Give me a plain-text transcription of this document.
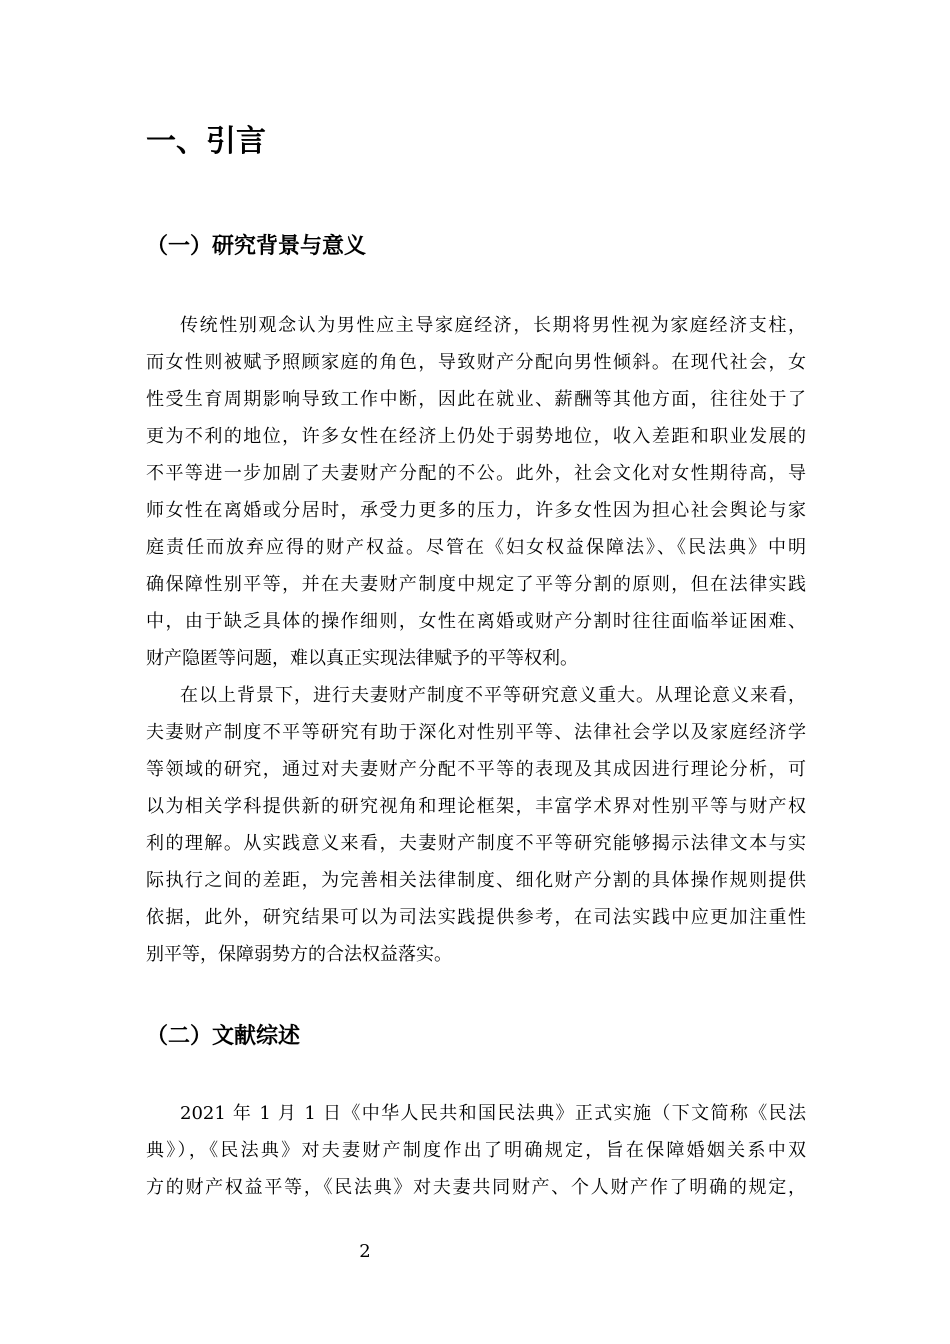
一、引言
（一）研究背景与意义
传统性别观念认为男性应主导家庭经济，长期将男性视为家庭经济支柱，
而女性则被赋予照顾家庭的角色，导致财产分配向男性倾斜。在现代社会，女
性受生育周期影响导致工作中断，因此在就业、薪酬等其他方面，往往处于了
更为不利的地位，许多女性在经济上仍处于弱势地位，收入差距和职业发展的
不平等进一步加剧了夫妻财产分配的不公。此外，社会文化对女性期待高，导
师女性在离婚或分居时，承受力更多的压力，许多女性因为担心社会舆论与家
庭责任而放弃应得的财产权益。尽管在《妇女权益保障法》、《民法典》中明
确保障性别平等，并在夫妻财产制度中规定了平等分割的原则，但在法律实践
中，由于缺乏具体的操作细则，女性在离婚或财产分割时往往面临举证困难、
财产隐匿等问题，难以真正实现法律赋予的平等权利。
在以上背景下，进行夫妻财产制度不平等研究意义重大。从理论意义来看，
夫妻财产制度不平等研究有助于深化对性别平等、法律社会学以及家庭经济学
等领域的研究，通过对夫妻财产分配不平等的表现及其成因进行理论分析，可
以为相关学科提供新的研究视角和理论框架，丰富学术界对性别平等与财产权
利的理解。从实践意义来看，夫妻财产制度不平等研究能够揭示法律文本与实
际执行之间的差距，为完善相关法律制度、细化财产分割的具体操作规则提供
依据，此外，研究结果可以为司法实践提供参考，在司法实践中应更加注重性
别平等，保障弱势方的合法权益落实。
（二）文献综述
2021 年 1 月 1 日《中华人民共和国民法典》正式实施（下文简称《民法
典》），《民法典》对夫妻财产制度作出了明确规定，旨在保障婚姻关系中双
方的财产权益平等，《民法典》对夫妻共同财产、个人财产作了明确的规定，
2
